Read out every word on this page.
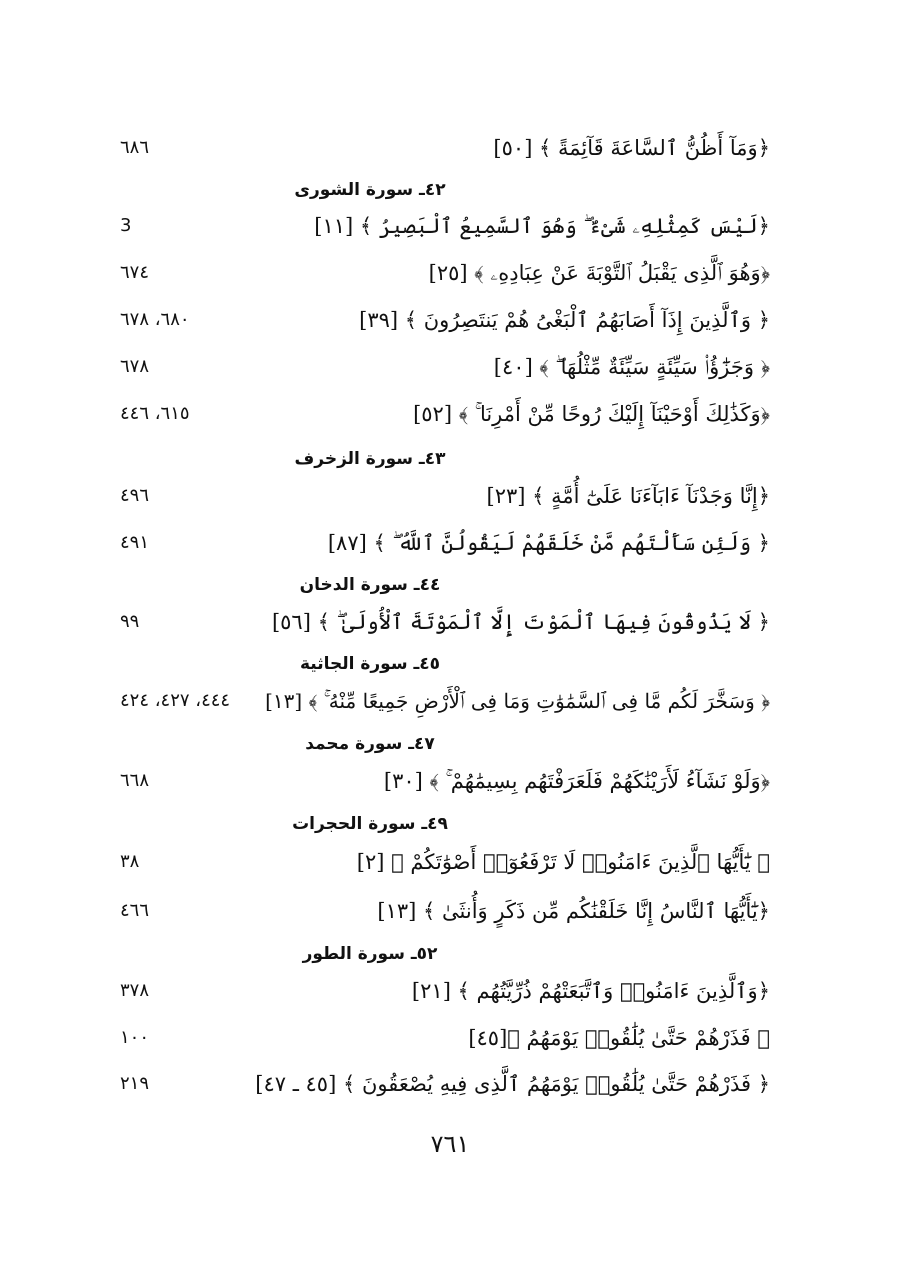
﴿وَمَآ أَظُنُّ ٱلسَّاعَةَ قَآئِمَةً ﴾ [٥٠]
٦٨٦
٤٢ـ سورة الشورى
﴿لَيْسَ كَمِثْلِهِۦ شَىْءٌ ۖ وَهُوَ ٱلسَّمِيعُ ٱلْبَصِيرُ ﴾ [١١]
3
﴿وَهُوَ ٱلَّذِى يَقْبَلُ ٱلتَّوْبَةَ عَنْ عِبَادِهِۦ ﴾ [٢٥]
٦٧٤
﴿ وَٱلَّذِينَ إِذَآ أَصَابَهُمُ ٱلْبَغْىُ هُمْ يَنتَصِرُونَ ﴾ [٣٩]
٦٨٠، ٦٧٨
﴿ وَجَزَٰٓؤُا۟ سَيِّئَةٍ سَيِّئَةٌ مِّثْلُهَا ۖ ﴾ [٤٠]
٦٧٨
﴿وَكَذَٰلِكَ أَوْحَيْنَآ إِلَيْكَ رُوحًا مِّنْ أَمْرِنَا ۚ ﴾ [٥٢]
٦١٥، ٤٤٦
٤٣ـ سورة الزخرف
﴿إِنَّا وَجَدْنَآ ءَابَآءَنَا عَلَىٰٓ أُمَّةٍ ﴾ [٢٣]
٤٩٦
﴿ وَلَئِن سَأَلْتَهُم مَّنْ خَلَقَهُمْ لَيَقُولُنَّ ٱللَّهُ ۖ ﴾ [٨٧]
٤٩١
٤٤ـ سورة الدخان
﴿ لَا يَذُوقُونَ فِيهَا ٱلْمَوْتَ إِلَّا ٱلْمَوْتَةَ ٱلْأُولَىٰ ۖ ﴾ [٥٦]
٩٩
٤٥ـ سورة الجاثية
﴿ وَسَخَّرَ لَكُم مَّا فِى ٱلسَّمَٰوَٰتِ وَمَا فِى ٱلْأَرْضِ جَمِيعًا مِّنْهُ ۚ ﴾ [١٣]
٤٤٤، ٤٢٧، ٤٢٤
٤٧ـ سورة محمد
﴿وَلَوْ نَشَآءُ لَأَرَيْنَٰكَهُمْ فَلَعَرَفْتَهُم بِسِيمَٰهُمْ ۚ ﴾ [٣٠]
٦٦٨
٤٩ـ سورة الحجرات
﴿ يَٰٓأَيُّهَا ٱلَّذِينَ ءَامَنُوا۟ لَا تَرْفَعُوٓا۟ أَصْوَٰتَكُمْ ﴾ [٢]
٣٨
﴿يَٰٓأَيُّهَا ٱلنَّاسُ إِنَّا خَلَقْنَٰكُم مِّن ذَكَرٍ وَأُنثَىٰ ﴾ [١٣]
٤٦٦
٥٢ـ سورة الطور
﴿وَٱلَّذِينَ ءَامَنُوا۟ وَٱتَّبَعَتْهُمْ ذُرِّيَّتُهُم ﴾ [٢١]
٣٧٨
﴿ فَذَرْهُمْ حَتَّىٰ يُلَٰقُوا۟ يَوْمَهُمُ ﴾[٤٥]
١٠٠
﴿ فَذَرْهُمْ حَتَّىٰ يُلَٰقُوا۟ يَوْمَهُمُ ٱلَّذِى فِيهِ يُصْعَقُونَ ﴾ [٤٥ ـ ٤٧]
٢١٩
٧٦١
